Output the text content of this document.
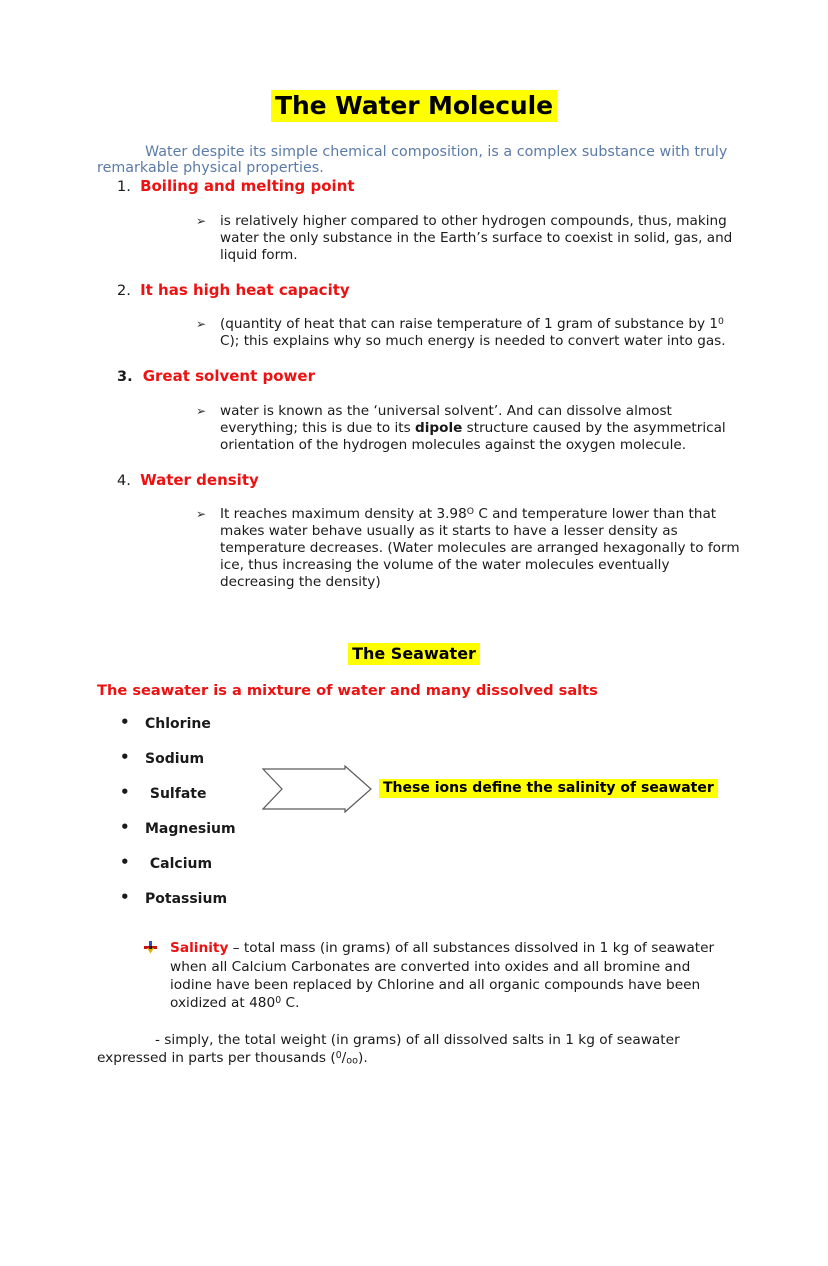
The Water Molecule

Water despite its simple chemical composition, is a complex substance with truly remarkable physical properties.

1.  Boiling and melting point
➢ is relatively higher compared to other hydrogen compounds, thus, making water the only substance in the Earth’s surface to coexist in solid, gas, and liquid form.
2.  It has high heat capacity
➢ (quantity of heat that can raise temperature of 1 gram of substance by $1^0$ C); this explains why so much energy is needed to convert water into gas.
3.  Great solvent power
➢ water is known as the ‘universal solvent’. And can dissolve almost everything; this is due to its dipole structure caused by the asymmetrical orientation of the hydrogen molecules against the oxygen molecule.
4.  Water density
➢ It reaches maximum density at $3.98^O$ C and temperature lower than that makes water behave usually as it starts to have a lesser density as temperature decreases. (Water molecules are arranged hexagonally to form ice, thus increasing the volume of the water molecules eventually decreasing the density)
The Seawater

The seawater is a mixture of water and many dissolved salts

• Chlorine
• Sodium
• Sulfate
• Magnesium
• Calcium
• Potassium
These ions define the salinity of seawater

Salinity – total mass (in grams) of all substances dissolved in 1 kg of seawater when all Calcium Carbonates are converted into oxides and all bromine and iodine have been replaced by Chlorine and all organic compounds have been oxidized at $480^0$ C.

- simply, the total weight (in grams) of all dissolved salts in 1 kg of seawater expressed in parts per thousands $(^0/_{oo})$.
